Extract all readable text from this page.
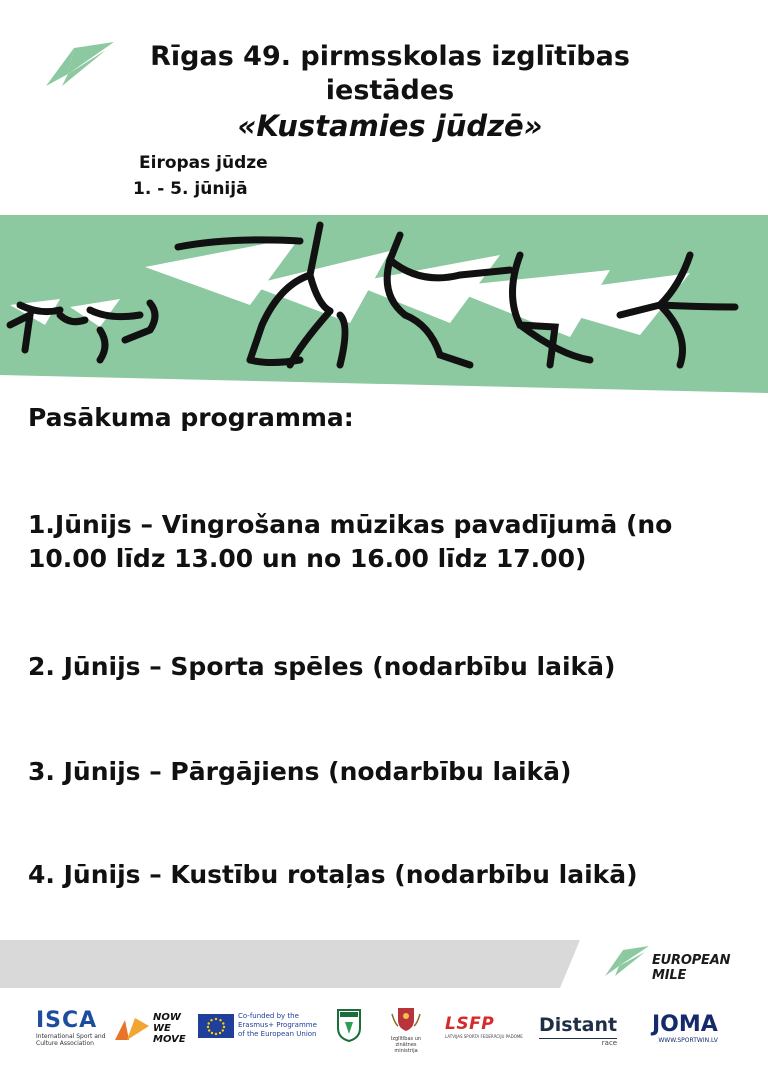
Rīgas 49. pirmsskolas izglītības
iestādes
«Kustamies jūdzē»
Eiropas jūdze
1. - 5. jūnijā
Pasākuma programma:
1.Jūnijs – Vingrošana mūzikas pavadījumā (no 10.00 līdz 13.00 un no 16.00 līdz 17.00)
2. Jūnijs – Sporta spēles (nodarbību laikā)
3. Jūnijs – Pārgājiens (nodarbību laikā)
4. Jūnijs – Kustību rotaļas (nodarbību laikā)
EUROPEAN MILE
ISCA
International Sport and Culture Association
NOW WE MOVE
Co-funded by the Erasmus+ Programme of the European Union
Izglītības un zinātnes ministrija
LSFP
LATVIJAS SPORTA FEDERĀCIJU PADOME
Distant
race
JOMA
WWW.SPORTWIN.LV
